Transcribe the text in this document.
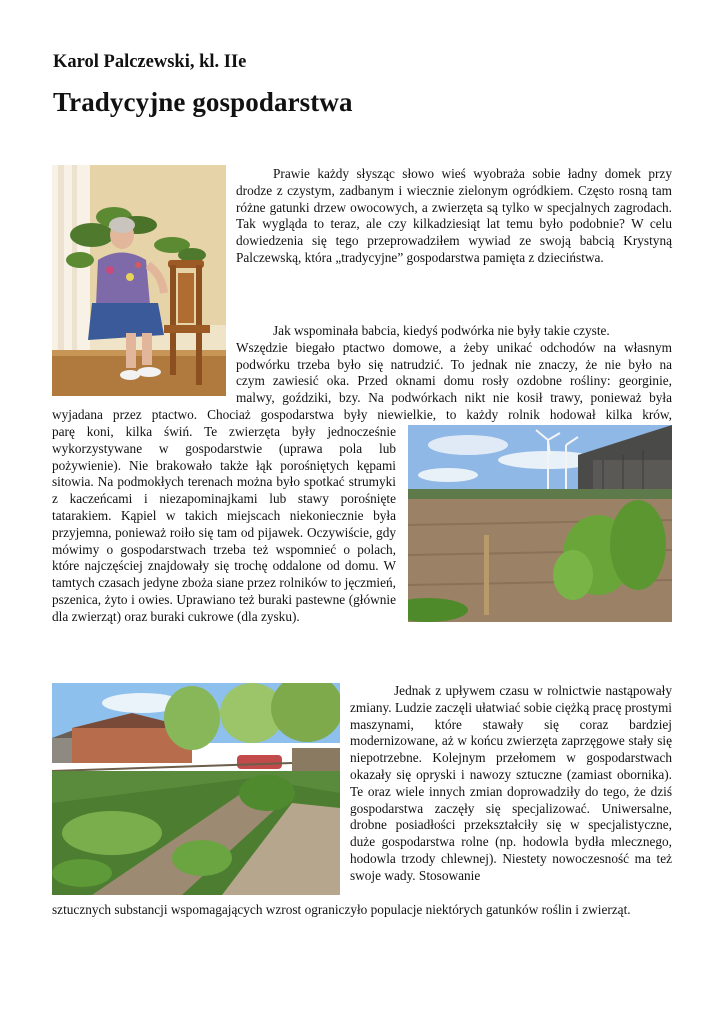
Karol Palczewski, kl. IIe
Tradycyjne gospodarstwa
Prawie każdy słysząc słowo wieś wyobraża sobie ładny domek przy drodze z czystym, zadbanym i wiecznie zielonym ogródkiem. Często rosną tam różne gatunki drzew owocowych, a zwierzęta są tylko w specjalnych zagrodach. Tak wygląda to teraz, ale czy kilkadziesiąt lat temu było podobnie? W celu dowiedzenia się tego przeprowadziłem wywiad ze swoją babcią Krystyną Palczewską, która „tradycyjne” gospodarstwa pamięta z dzieciństwa.
Jak wspominała babcia, kiedyś podwórka nie były takie czyste.
Wszędzie biegało ptactwo domowe, a żeby unikać odchodów na własnym
podwórku trzeba było się natrudzić. To jednak nie znaczy, że nie było na
czym zawiesić oka. Przed oknami domu rosły ozdobne rośliny: georginie,
malwy, goździki, bzy. Na podwórkach nikt nie kosił trawy, ponieważ była
wyjadana przez ptactwo. Chociaż gospodarstwa były niewielkie, to każdy rolnik hodował kilka krów,
parę koni, kilka świń. Te zwierzęta były jednocześnie wykorzystywane w gospodarstwie (uprawa pola lub pożywienie). Nie brakowało także łąk porośniętych kępami sitowia. Na podmokłych terenach można było spotkać strumyki z kaczeńcami i niezapominajkami lub stawy porośnięte tatarakiem. Kąpiel w takich miejscach niekoniecznie była przyjemna, ponieważ roiło się tam od pijawek. Oczywiście, gdy mówimy o gospodarstwach trzeba też wspomnieć o polach, które najczęściej znajdowały się trochę oddalone od domu. W tamtych czasach jedyne zboża siane przez rolników to jęczmień, pszenica, żyto i owies. Uprawiano też buraki pastewne (głównie dla zwierząt) oraz buraki cukrowe (dla zysku).
Jednak z upływem czasu w rolnictwie nastąpowały zmiany. Ludzie zaczęli ułatwiać sobie ciężką pracę prostymi maszynami, które stawały się coraz bardziej modernizowane, aż w końcu zwierzęta zaprzęgowe stały się niepotrzebne. Kolejnym przełomem w gospodarstwach okazały się opryski i nawozy sztuczne (zamiast obornika). Te oraz wiele innych zmian doprowadziły do tego, że dziś gospodarstwa zaczęły się specjalizować. Uniwersalne, drobne posiadłości przekształciły się w specjalistyczne, duże gospodarstwa rolne (np. hodowla bydła mlecznego, hodowla trzody chlewnej). Niestety nowoczesność ma też swoje wady. Stosowanie
sztucznych substancji wspomagających wzrost ograniczyło populacje niektórych gatunków roślin i zwierząt.
